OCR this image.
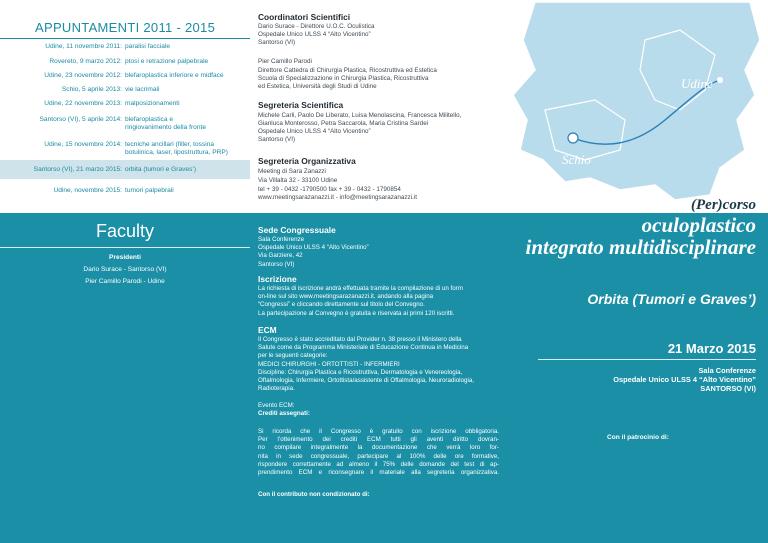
APPUNTAMENTI 2011 - 2015
Udine, 11 novembre 2011: paralisi facciale
Rovereto, 9 marzo 2012: ptosi e retrazione palpebrale
Udine, 23 novembre 2012: blefaroplastica inferiore e midface
Schio, 5 aprile 2013: vie lacrimali
Udine, 22 novembre 2013: malposizionamenti
Santorso (VI), 5 aprile 2014: blefaroplastica e
ringiovanimento della fronte
Udine, 15 novembre 2014: tecniche ancillari (filler, tossina
botulinica, laser, lipostruttura, PRP)
Santorso (VI), 21 marzo 2015: orbita (tumori e Graves’)
Udine, novembre 2015: tumori palpebrali
Coordinatori Scientifici
Dario Surace - Direttore U.O.C. Oculistica
Ospedale Unico ULSS 4 “Alto Vicentino”
Santorso (VI)
Pier Camillo Parodi
Direttore Cattedra di Chirurgia Plastica, Ricostruttiva ed Estetica
Scuola di Specializzazione in Chirurgia Plastica, Ricostruttiva
ed Estetica, Università degli Studi di Udine
Segreteria Scientifica
Michele Carli, Paolo De Liberato, Luisa Menolascina, Francesca Militello,
Gianluca Monterosso, Petra Saccarola, Maria Cristina Sardei
Ospedale Unico ULSS 4 “Alto Vicentino”
Santorso (VI)
Segreteria Organizzativa
Meeting di Sara Zanazzi
Via Villalta 32 - 33100 Udine
tel + 39 - 0432 -1790500 fax + 39 - 0432 - 1790854
www.meetingsarazanazzi.it - info@meetingsarazanazzi.it
Udine
Schio
Faculty
Presidenti
Dario Surace - Santorso (VI)
Pier Camillo Parodi - Udine
Sede Congressuale
Sala Conferenze
Ospedale Unico ULSS 4 “Alto Vicentino”
Via Garziere, 42
Santorso (VI)
Iscrizione
La richiesta di iscrizione andrà effettuata tramite la compilazione di un form
on-line sul sito www.meetingsarazanazzi.it, andando alla pagina
“Congressi” e cliccando direttamente sul titolo del Convegno.
La partecipazione al Convegno è gratuita e riservata ai primi 120 iscritti.
ECM
Il Congresso è stato accreditato dal Provider n. 38 presso il Ministero della
Salute come da Programma Ministeriale di Educazione Continua in Medicina
per le seguenti categorie:
MEDICI CHIRURGHI - ORTOTTISTI - INFERMIERI
Discipline: Chirurgia Plastica e Ricostruttiva, Dermatologia e Venereologia,
Oftalmologia, Infermiere, Ortottista/assistente di Oftalmologia, Neuroradiologia,
Radioterapia.
Evento ECM:
Crediti assegnati:
Si ricorda che il Congresso è gratuito con iscrizione obbligatoria.
Per l’ottenimento dei crediti ECM tutti gli aventi diritto dovran-
no compilare integralmente la documentazione che verrà loro for-
nita in sede congressuale, partecipare al 100% delle ore formative,
rispondere correttamente ad almeno il 75% delle domande del test di ap-
prendimento ECM e riconsegnare il materiale alla segreteria organizzativa.
Con il contributo non condizionato di:
(Per)corso
oculoplastico
integrato multidisciplinare
Orbita (Tumori e Graves’)
21 Marzo 2015
Sala Conferenze
Ospedale Unico ULSS 4 “Alto Vicentino”
SANTORSO (VI)
Con il patrocinio di:
